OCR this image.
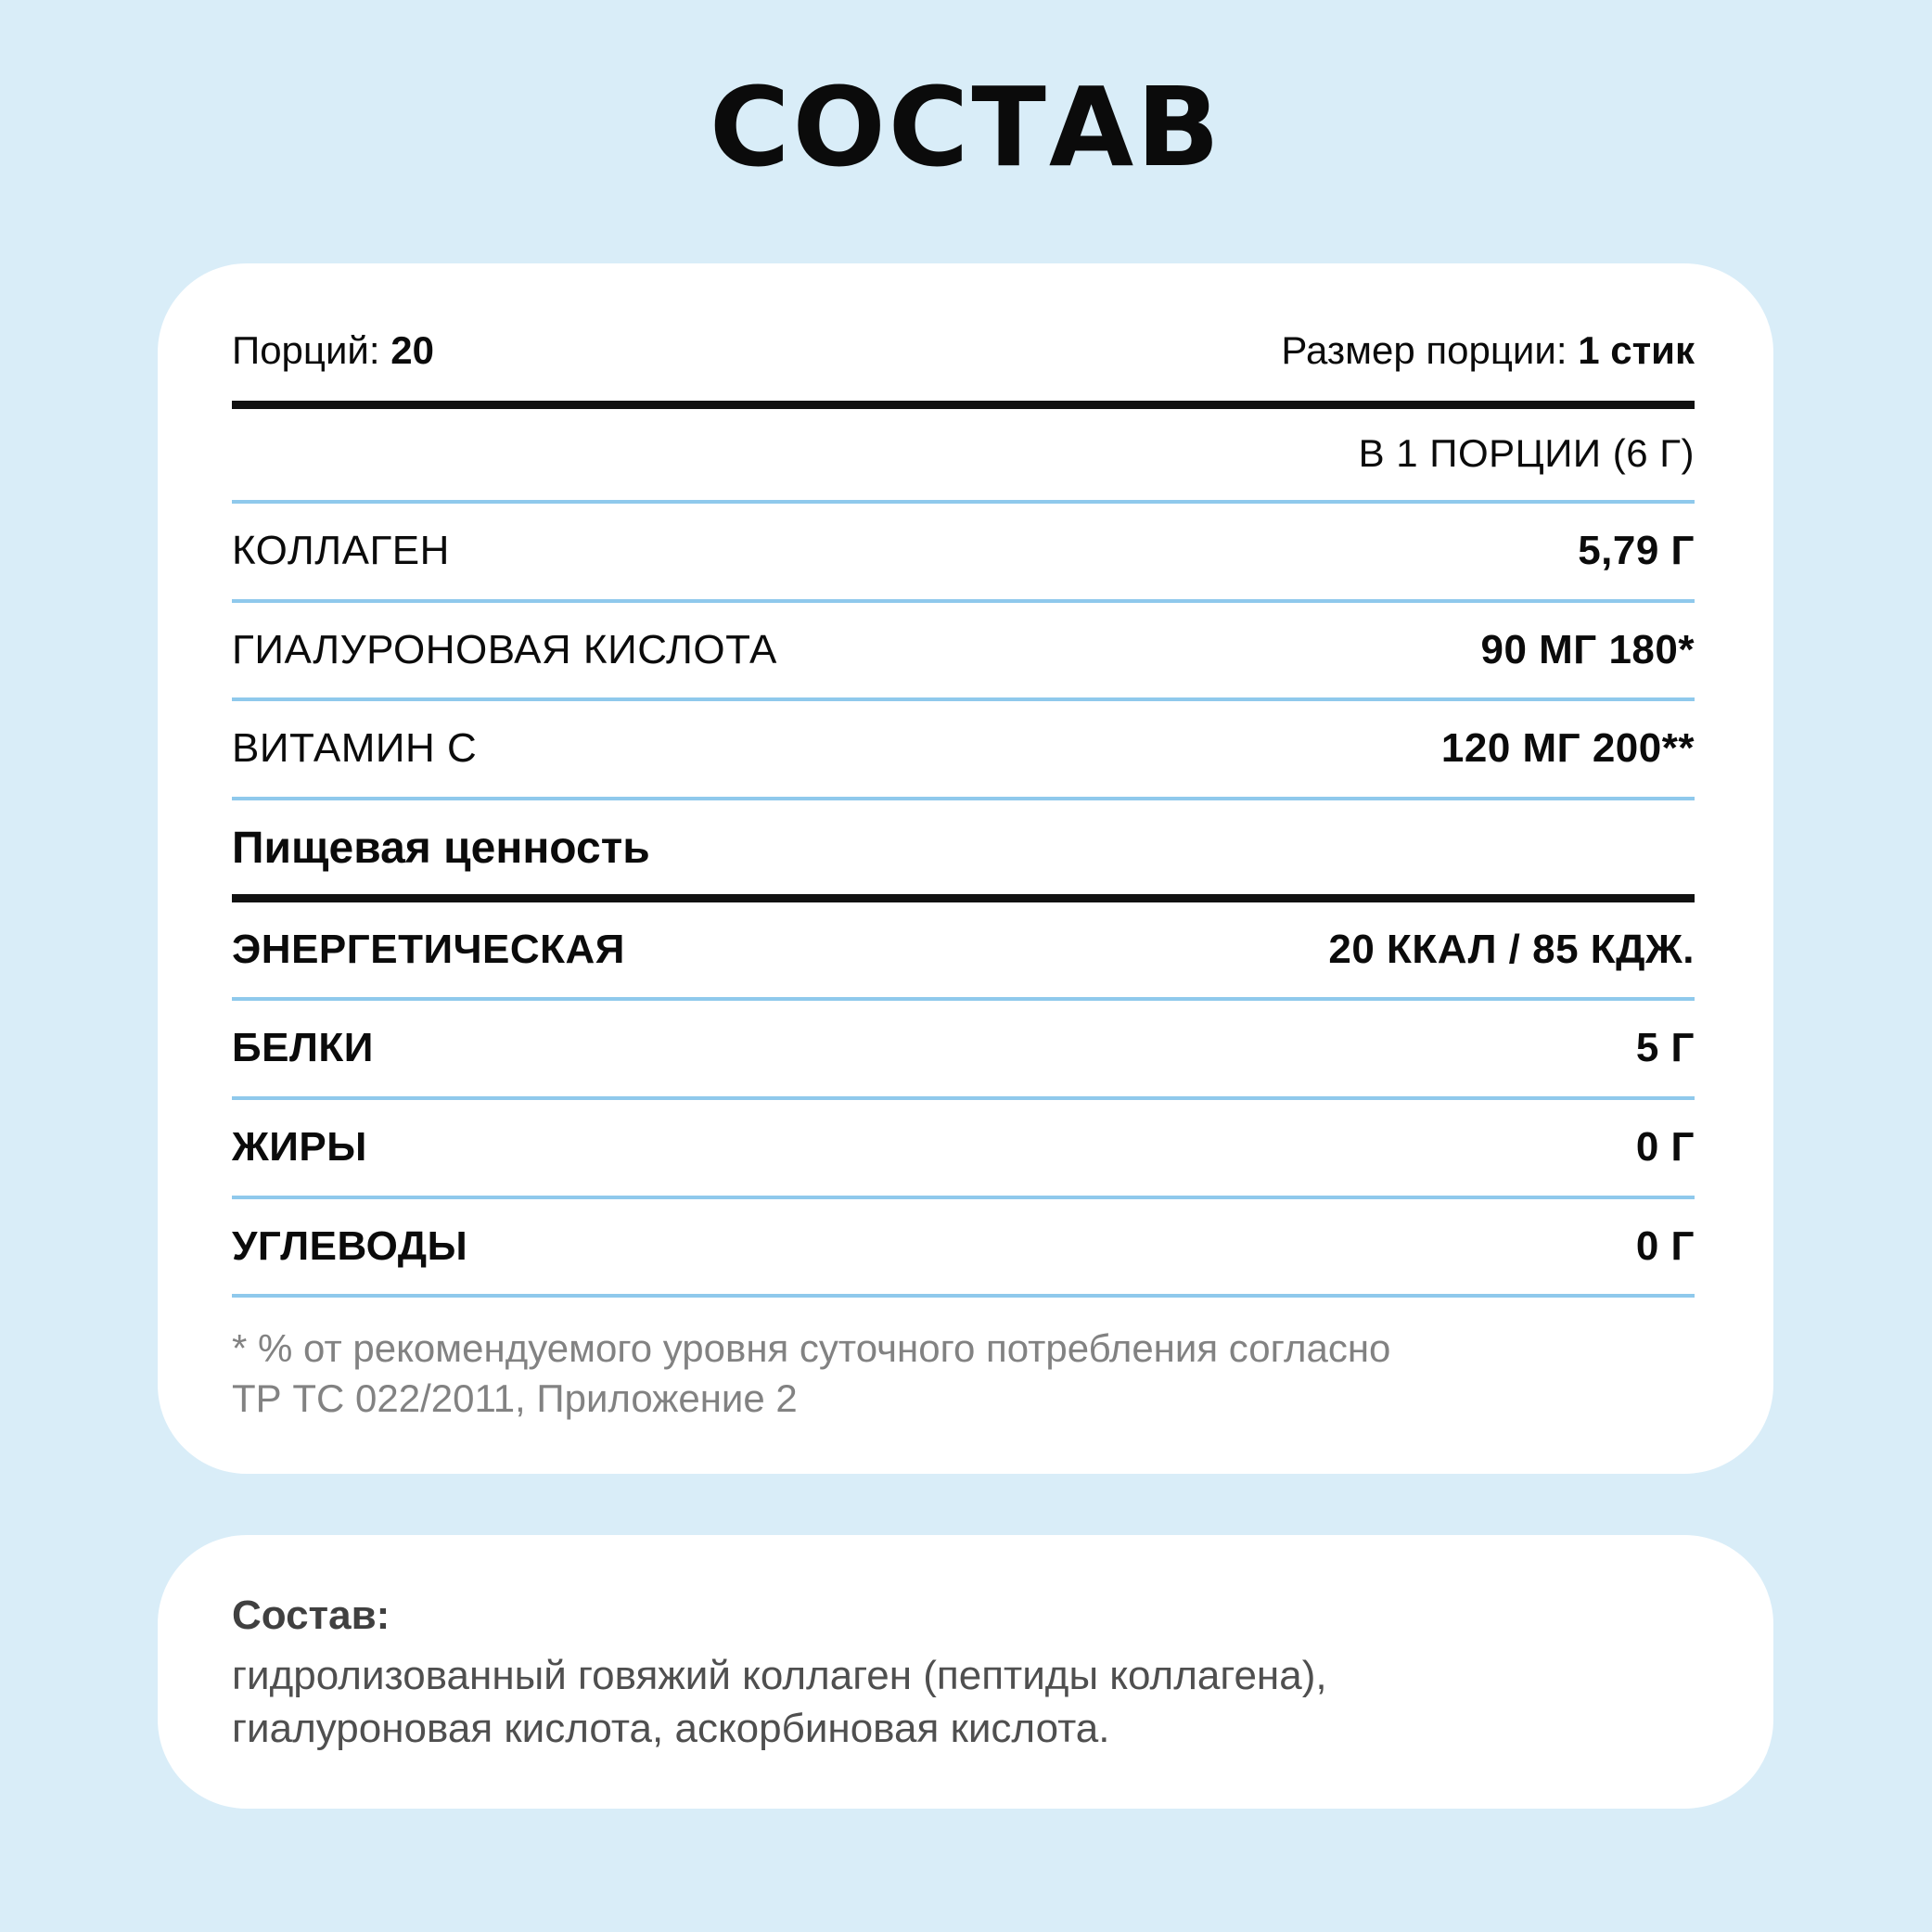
СОСТАВ
Порций: 20	Размер порции: 1 стик
В 1 ПОРЦИИ (6 Г)
КОЛЛАГЕН	5,79 Г
ГИАЛУРОНОВАЯ КИСЛОТА	90 МГ 180*
ВИТАМИН С	120 МГ 200**
Пищевая ценность
ЭНЕРГЕТИЧЕСКАЯ	20 ККАЛ / 85 КДЖ.
БЕЛКИ	5 Г
ЖИРЫ	0 Г
УГЛЕВОДЫ	0 Г
* % от рекомендуемого уровня суточного потребления согласно
ТР ТС 022/2011, Приложение 2
Состав:
гидролизованный говяжий коллаген (пептиды коллагена),
гиалуроновая кислота, аскорбиновая кислота.
